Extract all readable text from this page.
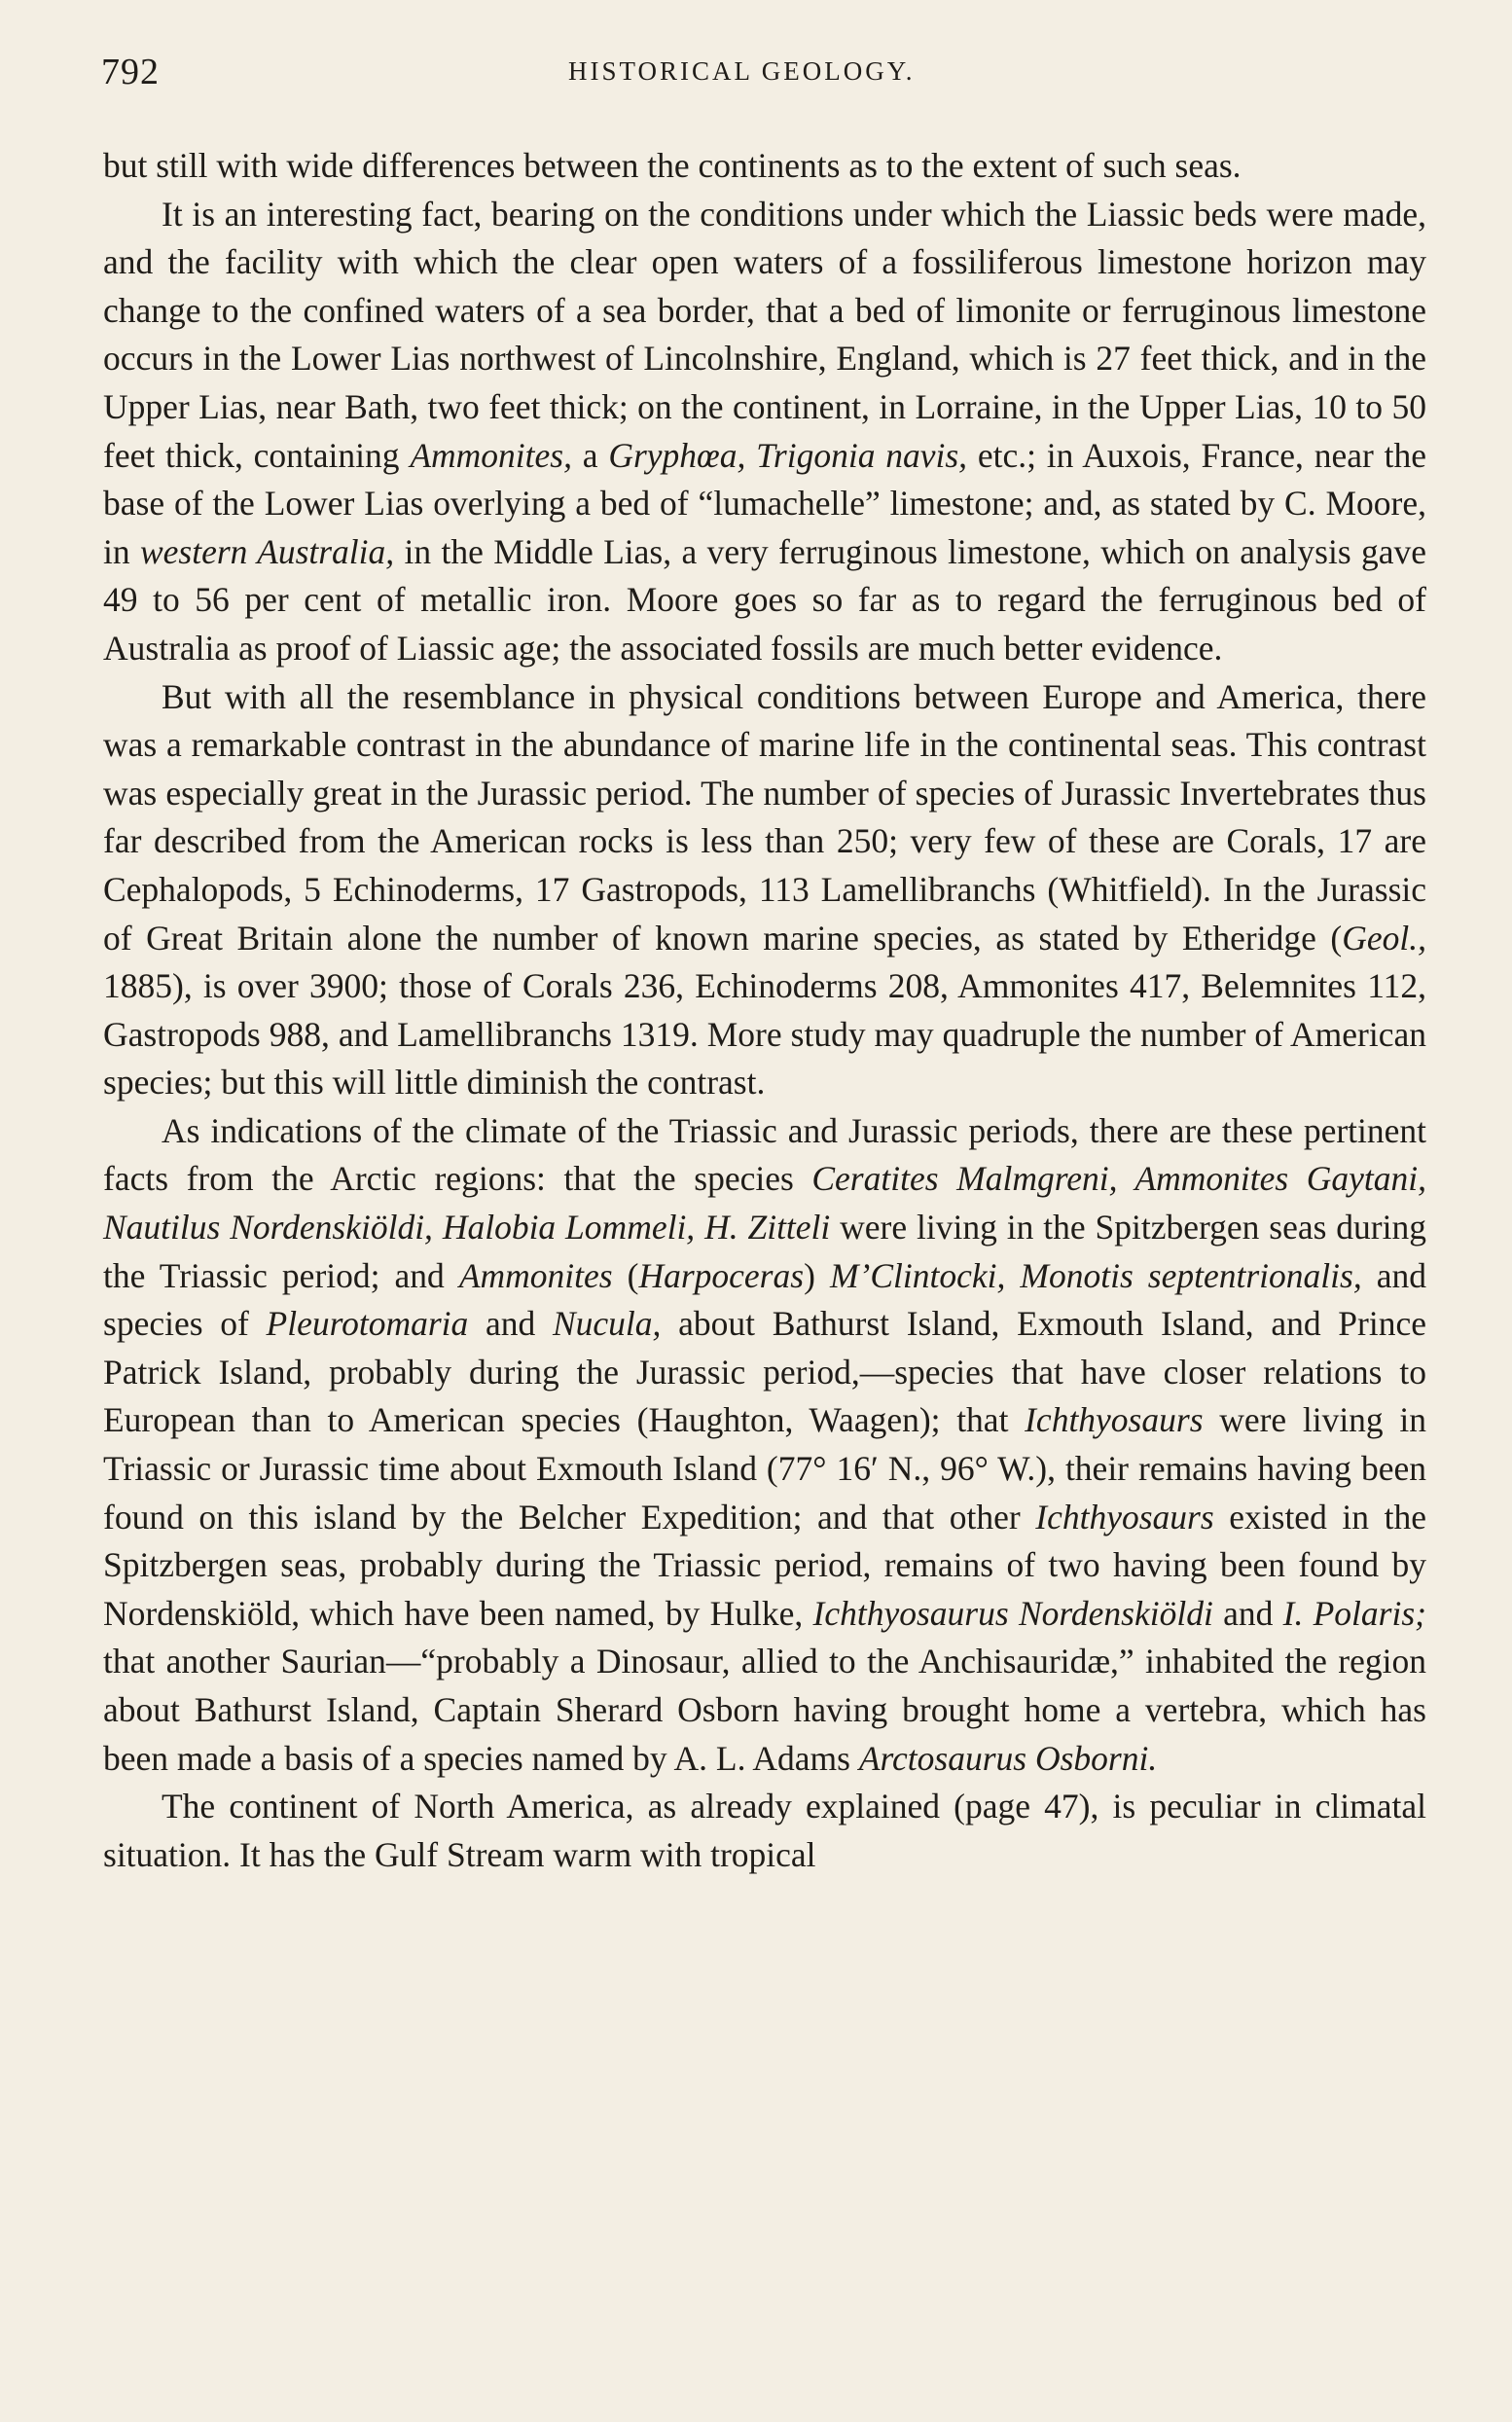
792	HISTORICAL GEOLOGY.

but still with wide differences between the continents as to the extent of such seas.

It is an interesting fact, bearing on the conditions under which the Liassic beds were made, and the facility with which the clear open waters of a fossiliferous limestone horizon may change to the confined waters of a sea border, that a bed of limonite or ferruginous limestone occurs in the Lower Lias northwest of Lincolnshire, England, which is 27 feet thick, and in the Upper Lias, near Bath, two feet thick; on the continent, in Lorraine, in the Upper Lias, 10 to 50 feet thick, containing Ammonites, a Gryphœa, Trigonia navis, etc.; in Auxois, France, near the base of the Lower Lias overlying a bed of “lumachelle” limestone; and, as stated by C. Moore, in western Australia, in the Middle Lias, a very ferruginous limestone, which on analysis gave 49 to 56 per cent of metallic iron. Moore goes so far as to regard the ferruginous bed of Australia as proof of Liassic age; the associated fossils are much better evidence.

But with all the resemblance in physical conditions between Europe and America, there was a remarkable contrast in the abundance of marine life in the continental seas. This contrast was especially great in the Jurassic period. The number of species of Jurassic Invertebrates thus far described from the American rocks is less than 250; very few of these are Corals, 17 are Cephalopods, 5 Echinoderms, 17 Gastropods, 113 Lamellibranchs (Whitfield). In the Jurassic of Great Britain alone the number of known marine species, as stated by Etheridge (Geol., 1885), is over 3900; those of Corals 236, Echinoderms 208, Ammonites 417, Belemnites 112, Gastropods 988, and Lamellibranchs 1319. More study may quadruple the number of American species; but this will little diminish the contrast.

As indications of the climate of the Triassic and Jurassic periods, there are these pertinent facts from the Arctic regions: that the species Ceratites Malmgreni, Ammonites Gaytani, Nautilus Nordenskiöldi, Halobia Lommeli, H. Zitteli were living in the Spitzbergen seas during the Triassic period; and Ammonites (Harpoceras) M’Clintocki, Monotis septentrionalis, and species of Pleurotomaria and Nucula, about Bathurst Island, Exmouth Island, and Prince Patrick Island, probably during the Jurassic period,—species that have closer relations to European than to American species (Haughton, Waagen); that Ichthyosaurs were living in Triassic or Jurassic time about Exmouth Island (77° 16′ N., 96° W.), their remains having been found on this island by the Belcher Expedition; and that other Ichthyosaurs existed in the Spitzbergen seas, probably during the Triassic period, remains of two having been found by Nordenskiöld, which have been named, by Hulke, Ichthyosaurus Nordenskiöldi and I. Polaris; that another Saurian—“probably a Dinosaur, allied to the Anchisauridæ,” inhabited the region about Bathurst Island, Captain Sherard Osborn having brought home a vertebra, which has been made a basis of a species named by A. L. Adams Arctosaurus Osborni.

The continent of North America, as already explained (page 47), is peculiar in climatal situation. It has the Gulf Stream warm with tropical
